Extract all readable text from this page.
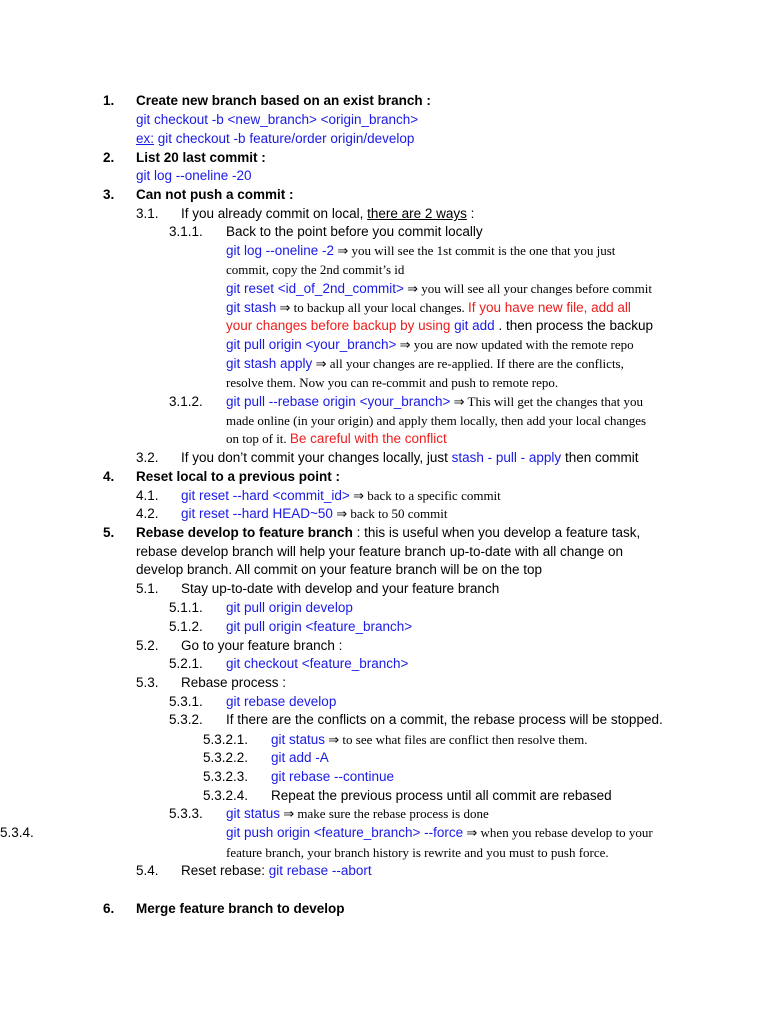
1. Create new branch based on an exist branch :
git checkout -b <new_branch> <origin_branch>
ex: git checkout -b feature/order origin/develop
2. List 20 last commit :
git log --oneline -20
3. Can not push a commit :
3.1. If you already commit on local, there are 2 ways :
3.1.1. Back to the point before you commit locally
git log --oneline -2 ⇒ you will see the 1st commit is the one that you just
commit, copy the 2nd commit’s id
git reset <id_of_2nd_commit> ⇒ you will see all your changes before commit
git stash ⇒ to backup all your local changes. If you have new file, add all
your changes before backup by using git add . then process the backup
git pull origin <your_branch> ⇒ you are now updated with the remote repo
git stash apply ⇒ all your changes are re-applied. If there are the conflicts,
resolve them. Now you can re-commit and push to remote repo.
3.1.2. git pull --rebase origin <your_branch> ⇒ This will get the changes that you
made online (in your origin) and apply them locally, then add your local changes
on top of it. Be careful with the conflict
3.2. If you don’t commit your changes locally, just stash - pull - apply then commit
4. Reset local to a previous point :
4.1. git reset --hard <commit_id> ⇒ back to a specific commit
4.2. git reset --hard HEAD~50 ⇒ back to 50 commit
5. Rebase develop to feature branch : this is useful when you develop a feature task,
rebase develop branch will help your feature branch up-to-date with all change on
develop branch. All commit on your feature branch will be on the top
5.1. Stay up-to-date with develop and your feature branch
5.1.1. git pull origin develop
5.1.2. git pull origin <feature_branch>
5.2. Go to your feature branch :
5.2.1. git checkout <feature_branch>
5.3. Rebase process :
5.3.1. git rebase develop
5.3.2. If there are the conflicts on a commit, the rebase process will be stopped.
5.3.2.1. git status ⇒ to see what files are conflict then resolve them.
5.3.2.2. git add -A
5.3.2.3. git rebase --continue
5.3.2.4. Repeat the previous process until all commit are rebased
5.3.3. git status ⇒ make sure the rebase process is done
5.3.4.	git push origin <feature_branch> --force ⇒ when you rebase develop to your
feature branch, your branch history is rewrite and you must to push force.
5.4. Reset rebase: git rebase --abort
6. Merge feature branch to develop
